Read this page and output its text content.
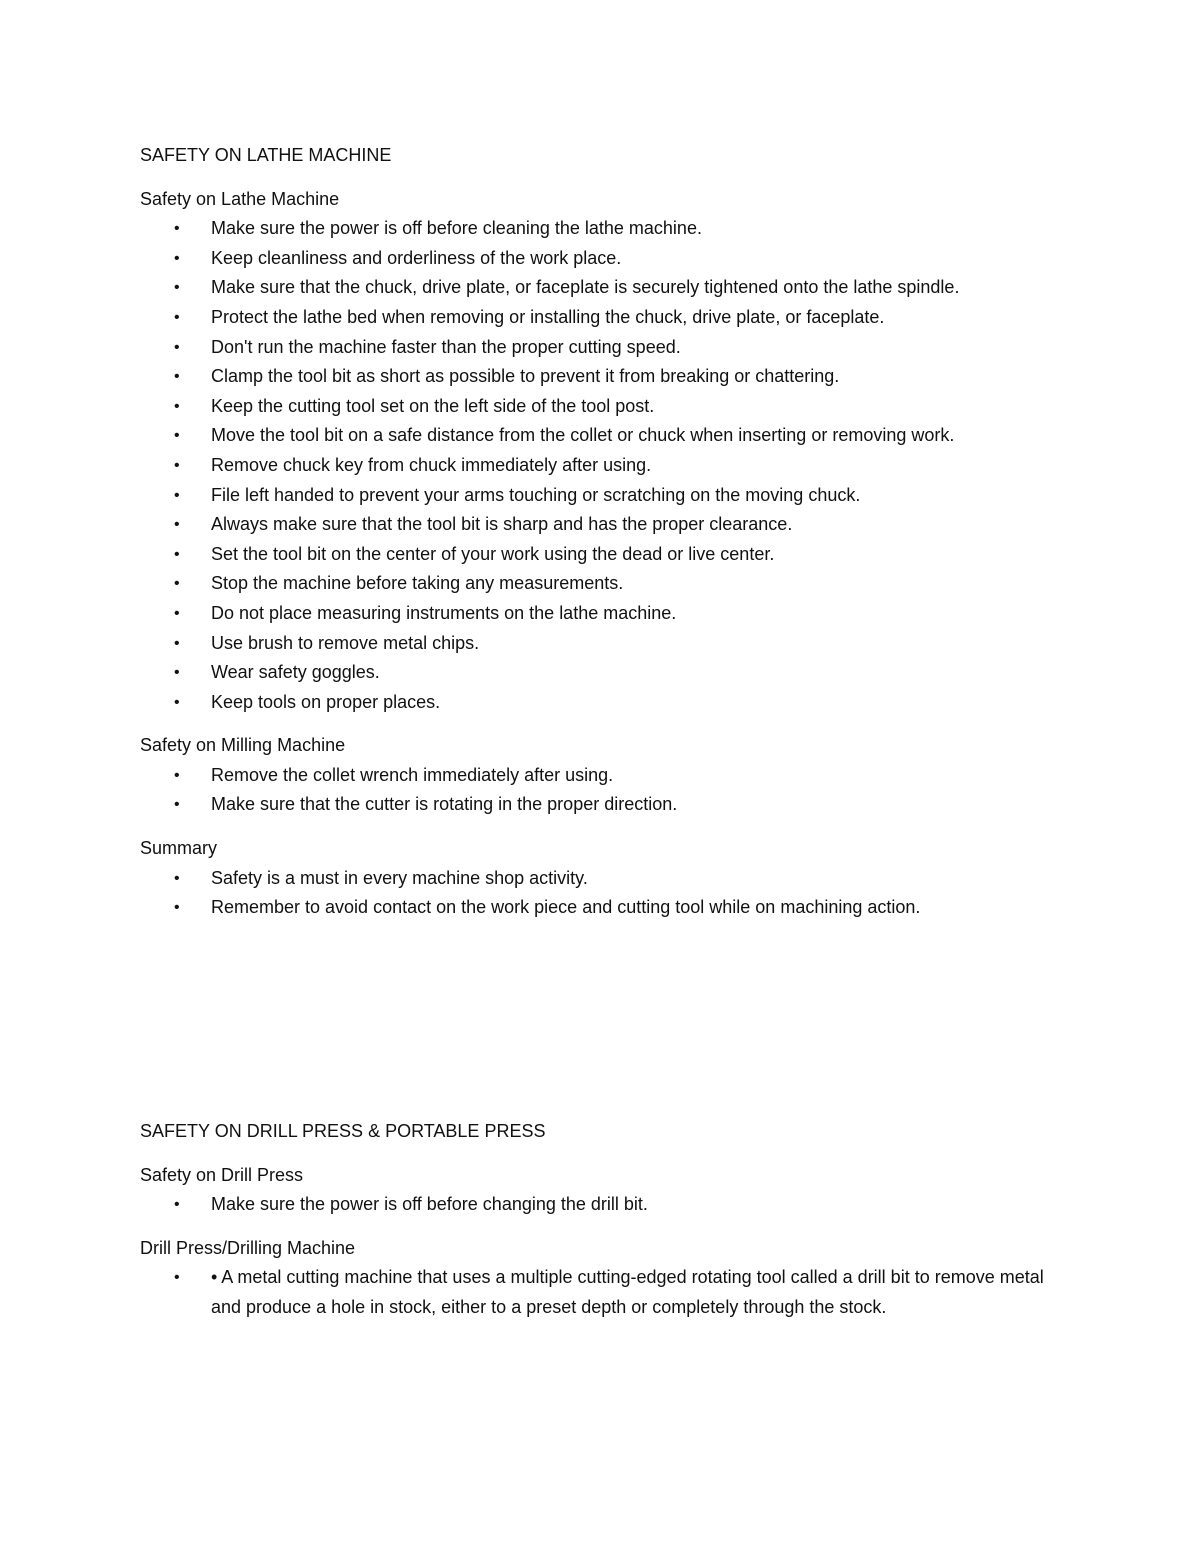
SAFETY ON LATHE MACHINE

Safety on Lathe Machine

• Make sure the power is off before cleaning the lathe machine.
• Keep cleanliness and orderliness of the work place.
• Make sure that the chuck, drive plate, or faceplate is securely tightened onto the lathe spindle.
• Protect the lathe bed when removing or installing the chuck, drive plate, or faceplate.
• Don't run the machine faster than the proper cutting speed.
• Clamp the tool bit as short as possible to prevent it from breaking or chattering.
• Keep the cutting tool set on the left side of the tool post.
• Move the tool bit on a safe distance from the collet or chuck when inserting or removing work.
• Remove chuck key from chuck immediately after using.
• File left handed to prevent your arms touching or scratching on the moving chuck.
• Always make sure that the tool bit is sharp and has the proper clearance.
• Set the tool bit on the center of your work using the dead or live center.
• Stop the machine before taking any measurements.
• Do not place measuring instruments on the lathe machine.
• Use brush to remove metal chips.
• Wear safety goggles.
• Keep tools on proper places.

Safety on Milling Machine

• Remove the collet wrench immediately after using.
• Make sure that the cutter is rotating in the proper direction.

Summary

• Safety is a must in every machine shop activity.
• Remember to avoid contact on the work piece and cutting tool while on machining action.

SAFETY ON DRILL PRESS & PORTABLE PRESS

Safety on Drill Press

• Make sure the power is off before changing the drill bit.

Drill Press/Drilling Machine

• • A metal cutting machine that uses a multiple cutting-edged rotating tool called a drill bit to remove metal and produce a hole in stock, either to a preset depth or completely through the stock.
